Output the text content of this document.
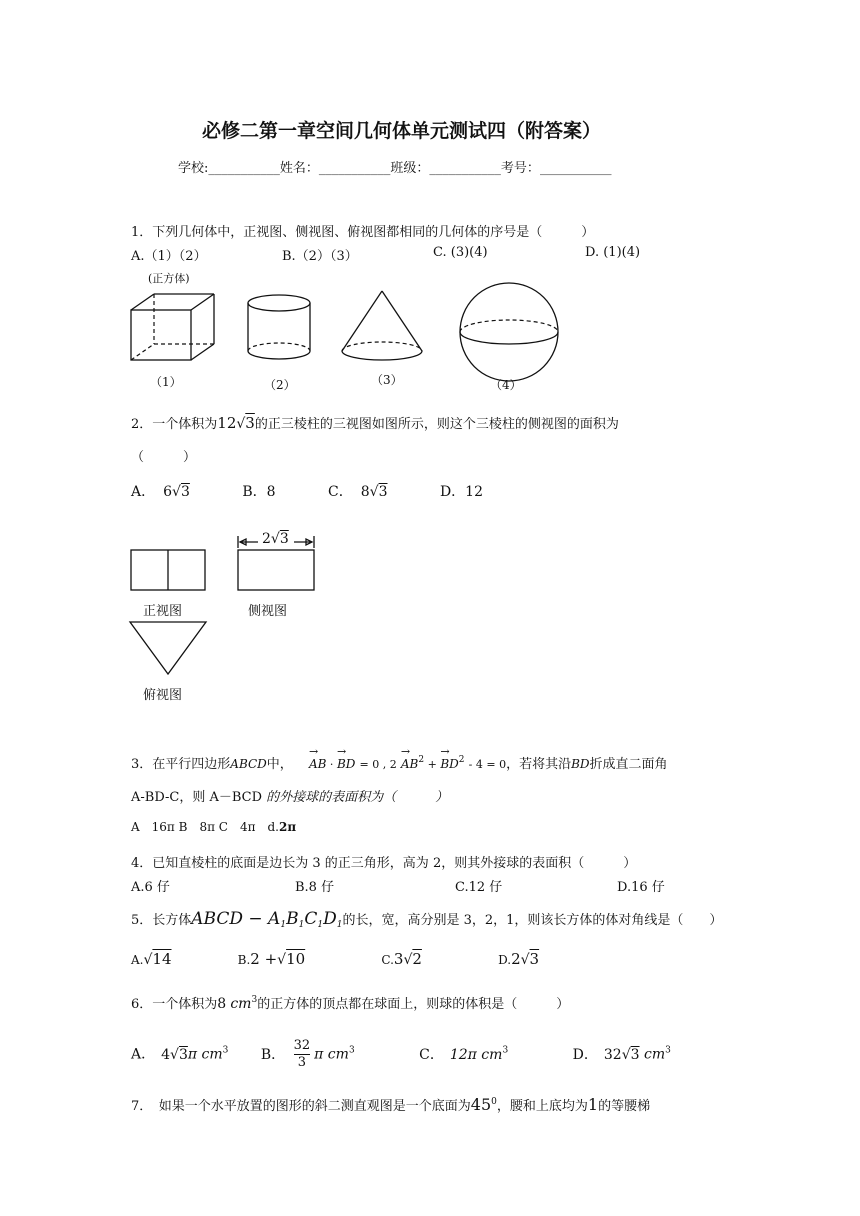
必修二第一章空间几何体单元测试四（附答案）
学校:___________姓名：___________班级：___________考号：___________
1．下列几何体中，正视图、侧视图、俯视图都相同的几何体的序号是（　　　）
A.（1）（2）	B.（2）（3）	C. (3)(4)	D. (1)(4)
(正方体)
（1）	（2）	（3）	（4）
2．一个体积为12√3的正三棱柱的三视图如图所示，则这个三棱柱的侧视图的面积为
（　　　）
A． 6√3	B．8	C． 8√3	D．12
2√3
正视图	侧视图
俯视图
3．在平行四边形ABCD中， → AB · → BD = 0 , $2 \to AB^2$ + → $BD^2 - 4 = 0$，若将其沿BD折成直二面角
A-BD-C，则 A－BCD 的外接球的表面积为（　　　）
A　16π B　8π C　4π　d.2π
4．已知直棱柱的底面是边长为 3 的正三角形，高为 2，则其外接球的表面积（　　　）
A.6 仔	B.8 仔	C.12 仔	D.16 仔
5．长方体ABCD − $A_1B_1C_1D_1$的长，宽，高分别是 3，2，1，则该长方体的体对角线是（　　）
A.√14	B.2 +√10	C.3√2	D.2√3
6．一个体积为8 $cm^3$的正方体的顶点都在球面上，则球的体积是（　　　）
A． 4√3π $cm^3$ B． $\frac{32}{3}$ π $cm^3$	C． 12π $cm^3$	D． 32√3 $cm^3$
7．　如果一个水平放置的图形的斜二测直观图是一个底面为$45^0$，腰和上底均为1的等腰梯
